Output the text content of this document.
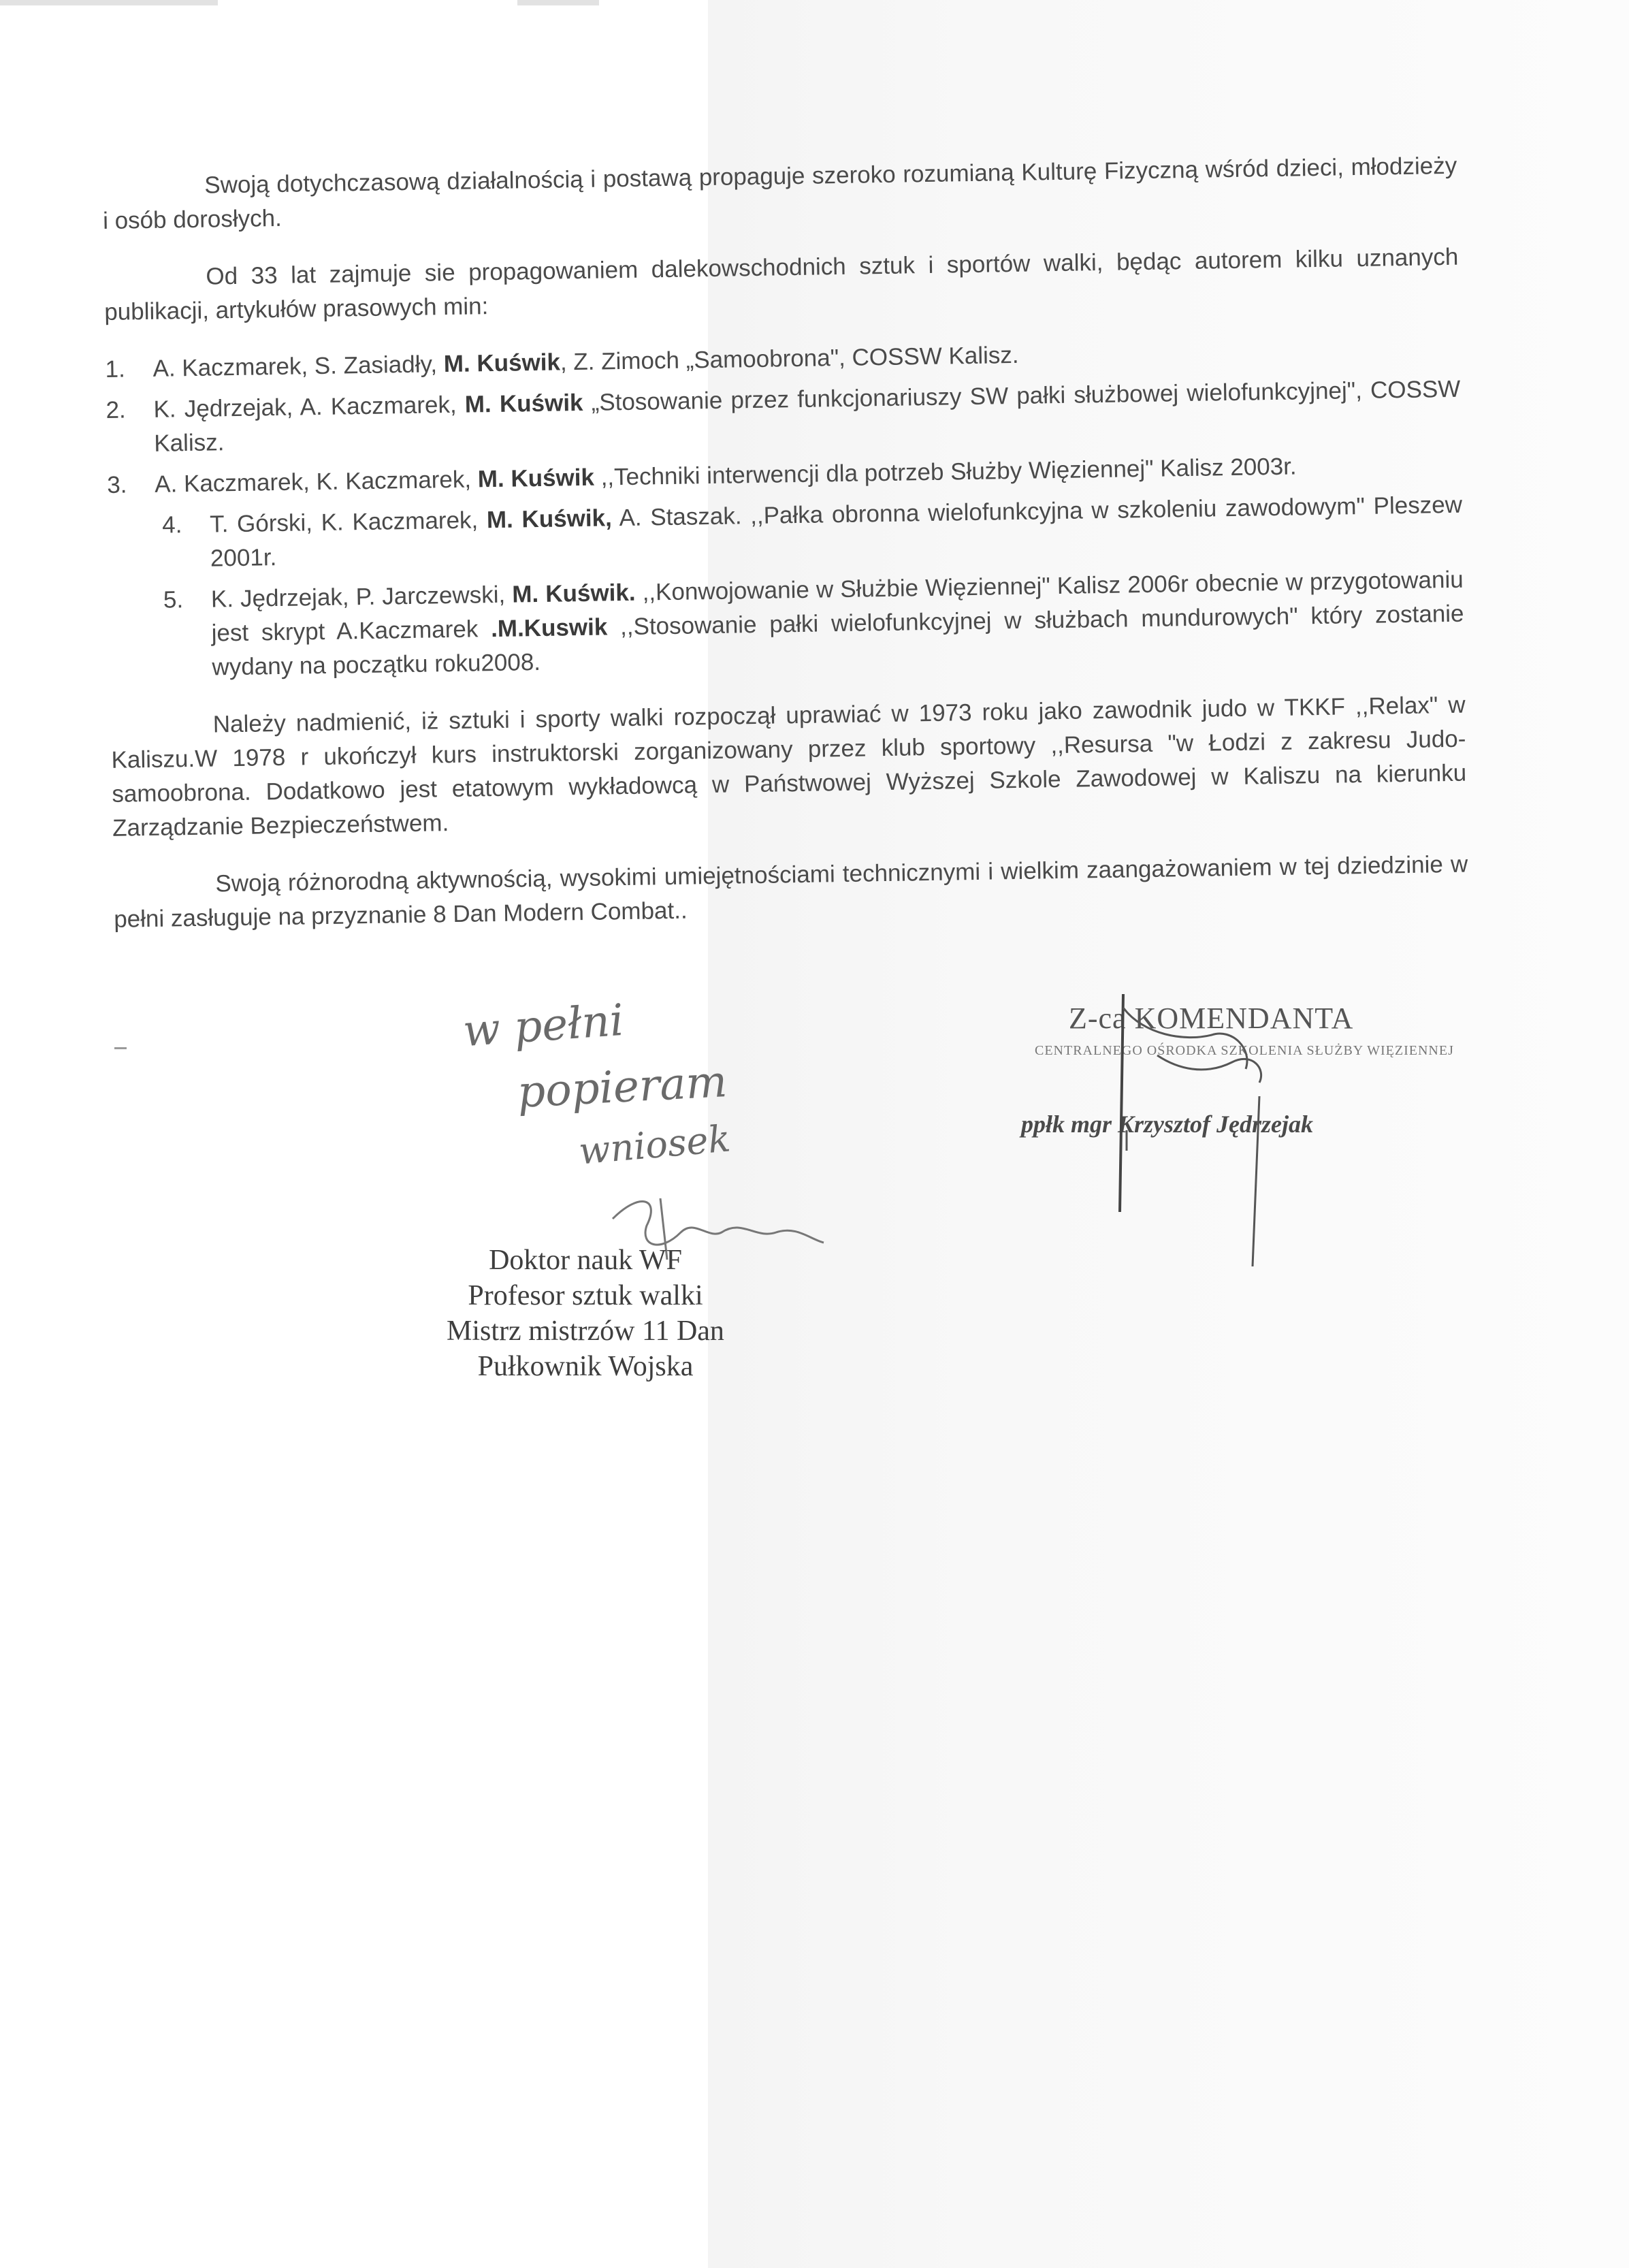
Swoją dotychczasową działalnością i postawą propaguje szeroko rozumianą Kulturę Fizyczną wśród dzieci, młodzieży i osób dorosłych.

Od 33 lat zajmuje sie propagowaniem dalekowschodnich sztuk i sportów walki, będąc autorem kilku uznanych publikacji, artykułów prasowych min:

1. A. Kaczmarek, S. Zasiadły, M. Kuświk, Z. Zimoch „Samoobrona", COSSW Kalisz.

2. K. Jędrzejak, A. Kaczmarek, M. Kuświk „Stosowanie przez funkcjonariuszy SW pałki służbowej wielofunkcyjnej", COSSW Kalisz.

3. A. Kaczmarek, K. Kaczmarek, M. Kuświk ,,Techniki interwencji dla potrzeb Służby Więziennej" Kalisz 2003r.

4. T. Górski, K. Kaczmarek, M. Kuświk, A. Staszak. ,,Pałka obronna wielofunkcyjna w szkoleniu zawodowym" Pleszew 2001r.

5. K. Jędrzejak, P. Jarczewski, M. Kuświk. ,,Konwojowanie w Służbie Więziennej" Kalisz 2006r obecnie w przygotowaniu jest skrypt A.Kaczmarek .M.Kuswik ,,Stosowanie pałki wielofunkcyjnej w służbach mundurowych" który zostanie wydany na początku roku2008.

Należy nadmienić, iż sztuki i sporty walki rozpoczął uprawiać w 1973 roku jako zawodnik judo w TKKF ,,Relax" w Kaliszu.W 1978 r ukończył kurs instruktorski zorganizowany przez klub sportowy ,,Resursa "w Łodzi z zakresu Judo-samoobrona. Dodatkowo jest etatowym wykładowcą w Państwowej Wyższej Szkole Zawodowej w Kaliszu na kierunku Zarządzanie Bezpieczeństwem.

Swoją różnorodną aktywnością, wysokimi umiejętnościami technicznymi i wielkim zaangażowaniem w tej dziedzinie w pełni zasługuje na przyznanie 8 Dan Modern Combat..

w pełni
popieram
wniosek
Doktor nauk WF
Profesor sztuk walki
Mistrz mistrzów 11 Dan
Pułkownik Wojska
Z-ca KOMENDANTA
CENTRALNEGO OŚRODKA SZKOLENIA SŁUŻBY WIĘZIENNEJ
ppłk mgr Krzysztof Jędrzejak
